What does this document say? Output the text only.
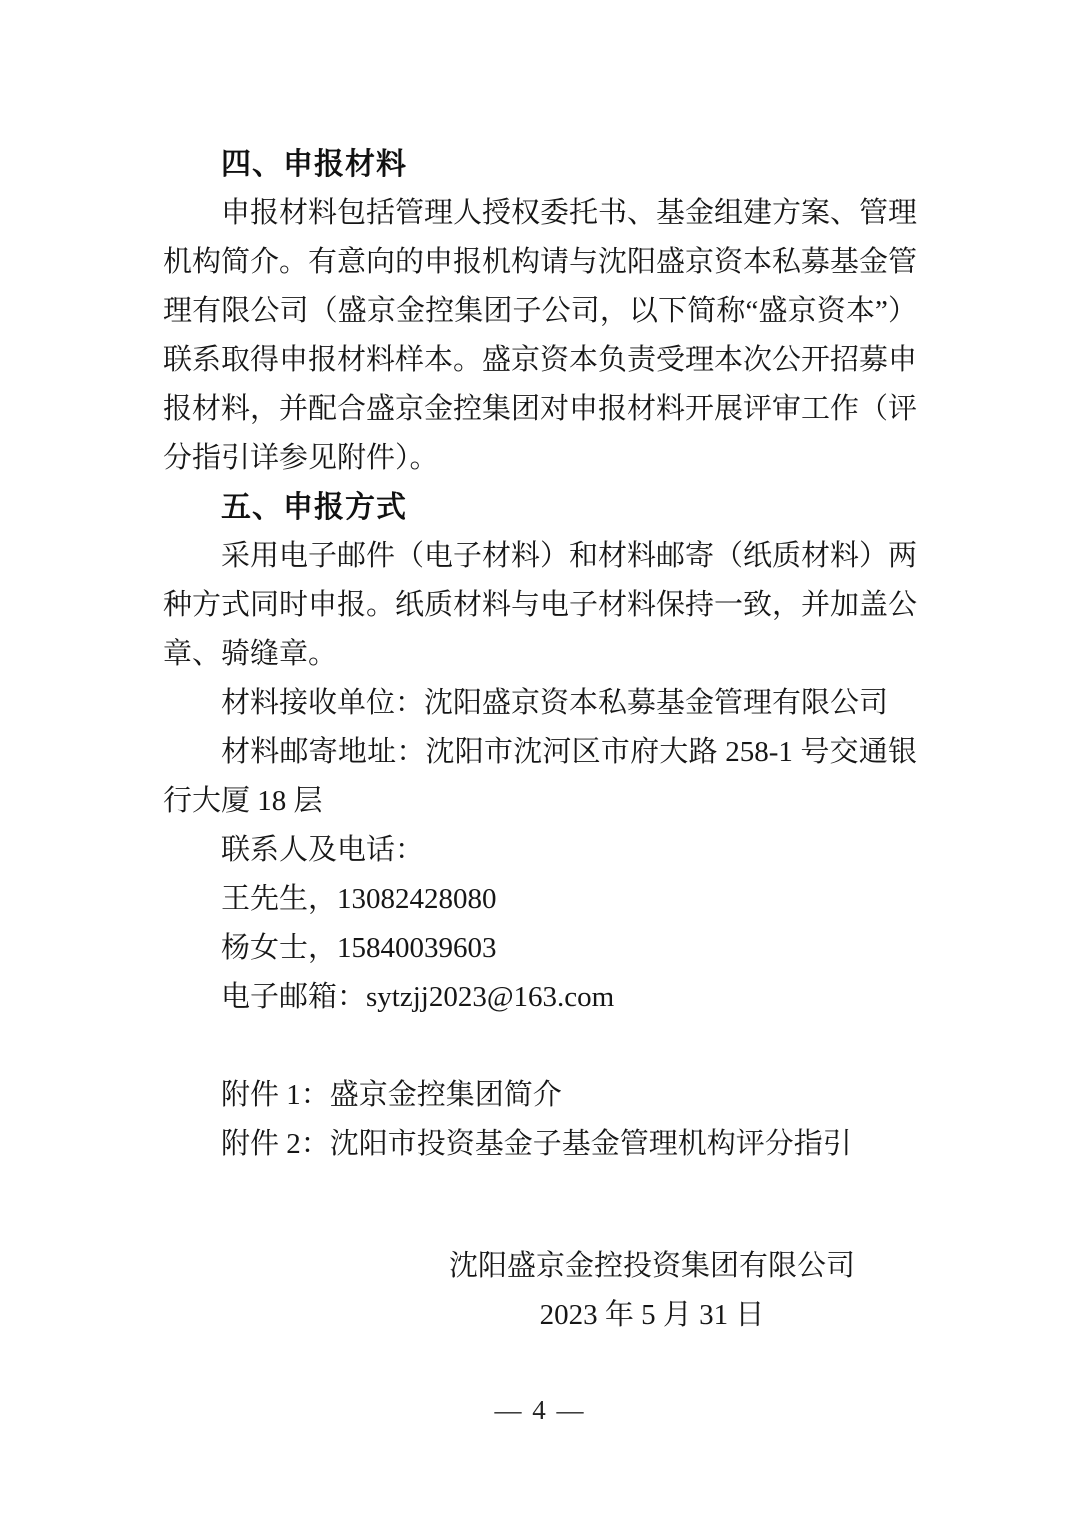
四、申报材料

申报材料包括管理人授权委托书、基金组建方案、管理机构简介。有意向的申报机构请与沈阳盛京资本私募基金管理有限公司（盛京金控集团子公司，以下简称“盛京资本”）联系取得申报材料样本。盛京资本负责受理本次公开招募申报材料，并配合盛京金控集团对申报材料开展评审工作（评分指引详参见附件）。

五、申报方式

采用电子邮件（电子材料）和材料邮寄（纸质材料）两种方式同时申报。纸质材料与电子材料保持一致，并加盖公章、骑缝章。

材料接收单位：沈阳盛京资本私募基金管理有限公司

材料邮寄地址：沈阳市沈河区市府大路 258-1 号交通银行大厦 18 层

联系人及电话：

王先生，13082428080

杨女士，15840039603

电子邮箱：sytzjj2023@163.com

附件 1：盛京金控集团简介

附件 2：沈阳市投资基金子基金管理机构评分指引

沈阳盛京金控投资集团有限公司

2023 年 5 月 31 日

— 4 —
